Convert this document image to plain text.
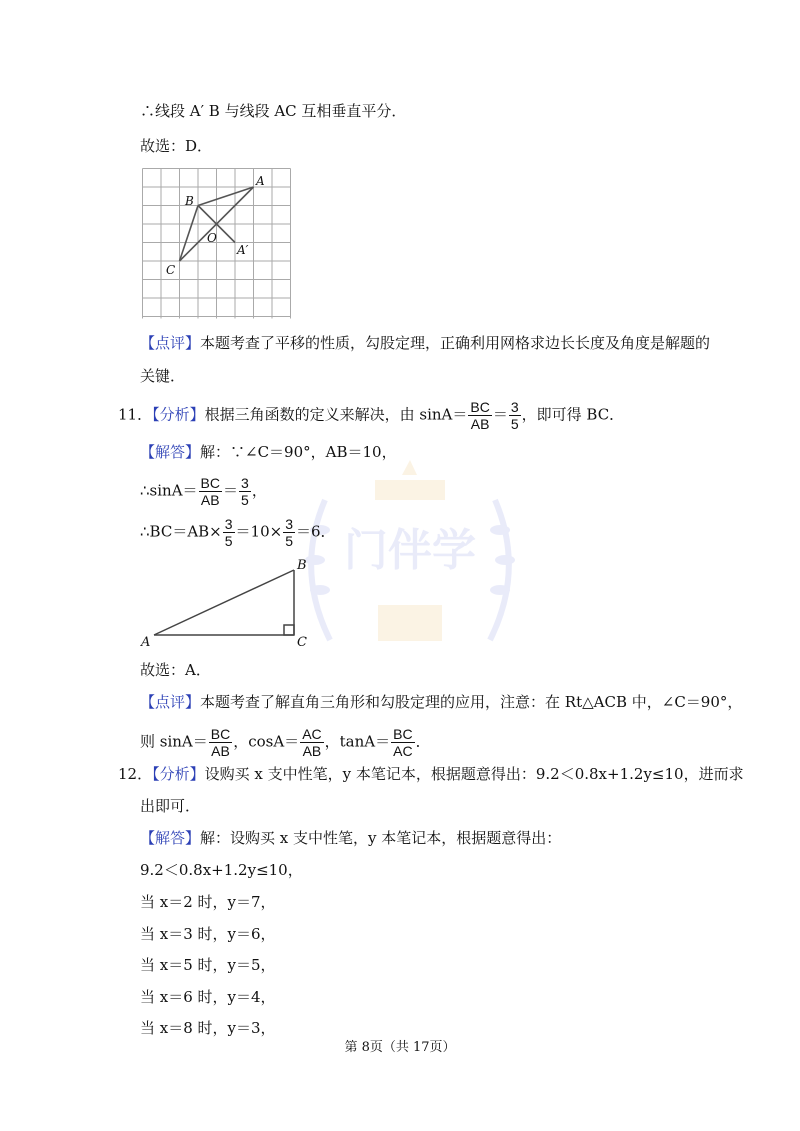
门伴学
∴线段 A′ B 与线段 AC 互相垂直平分．
故选：D．
A
B
O
A′
C
【点评】本题考查了平移的性质，勾股定理，正确利用网格求边长长度及角度是解题的
关键．
11．【分析】根据三角函数的定义来解决，由 $\sin A= \frac{BC}{AB} = \frac{3}{5}$ ，即可得 BC．
【解答】解：∵∠C＝90°，AB＝10，
∴sinA＝ $\frac{BC}{AB} = \frac{3}{5}$ ，
∴BC＝AB× $\frac{3}{5} =10\times \frac{3}{5} =6$．
A
B
C
故选：A．
【点评】本题考查了解直角三角形和勾股定理的应用，注意：在 Rt△ACB 中，∠C＝90°，
则 $\sin A= \frac{BC}{AB}$ ，$\cos A= \frac{AC}{AB}$ ，$\tan A= \frac{BC}{AC}$ ．
12．【分析】设购买 x 支中性笔，y 本笔记本，根据题意得出：9.2＜0.8x+1.2y≤10，进而求
出即可．
【解答】解：设购买 x 支中性笔，y 本笔记本，根据题意得出：
9.2＜0.8x+1.2y≤10，
当 x＝2 时，y＝7，
当 x＝3 时，y＝6，
当 x＝5 时，y＝5，
当 x＝6 时，y＝4，
当 x＝8 时，y＝3，
第 8页（共 17页）
